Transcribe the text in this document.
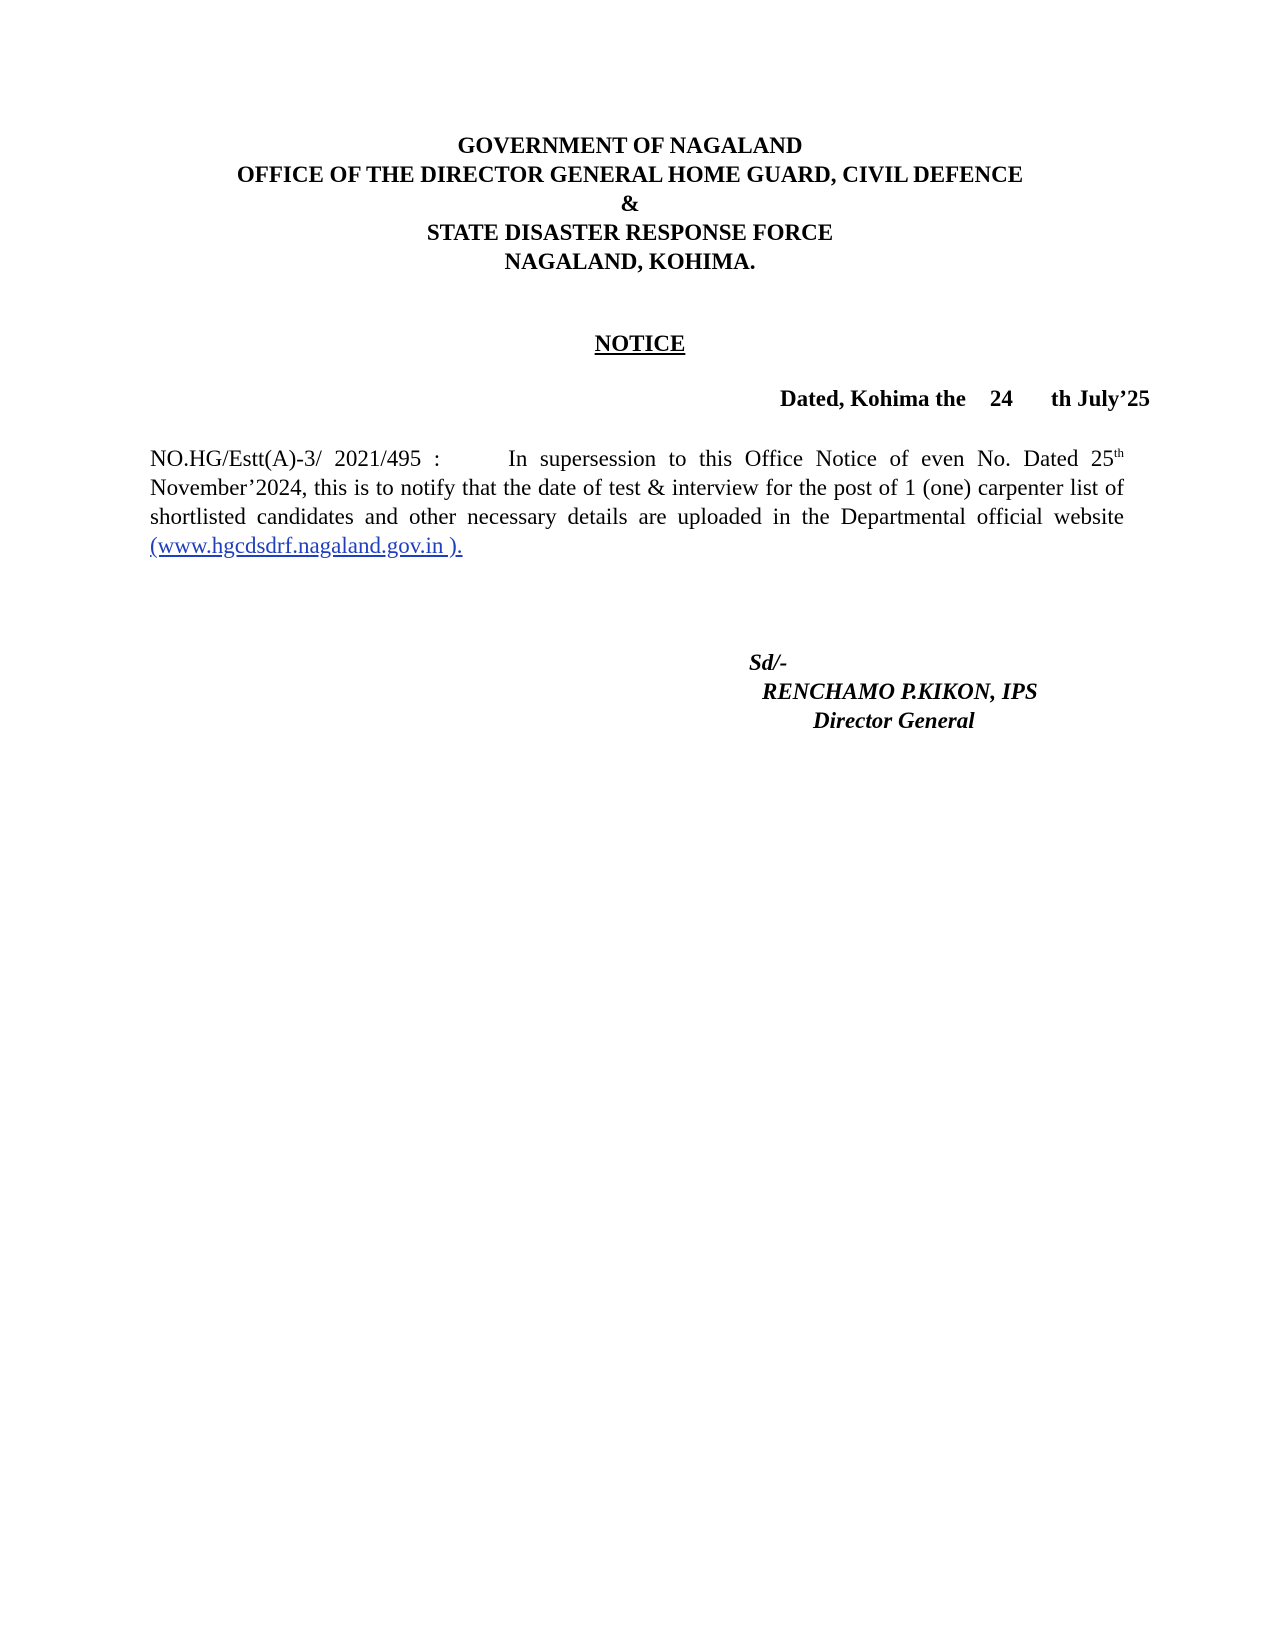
GOVERNMENT OF NAGALAND
OFFICE OF THE DIRECTOR GENERAL HOME GUARD, CIVIL DEFENCE
&
STATE DISASTER RESPONSE FORCE
NAGALAND, KOHIMA.
NOTICE
Dated, Kohima the 24 th July’25
NO.HG/Estt(A)-3/ 2021/495 :	In supersession to this Office Notice of even No. Dated 25th November’2024, this is to notify that the date of test & interview for the post of 1 (one) carpenter list of shortlisted candidates and other necessary details are uploaded in the Departmental official website (www.hgcdsdrf.nagaland.gov.in ).
Sd/-
RENCHAMO P.KIKON, IPS
Director General
